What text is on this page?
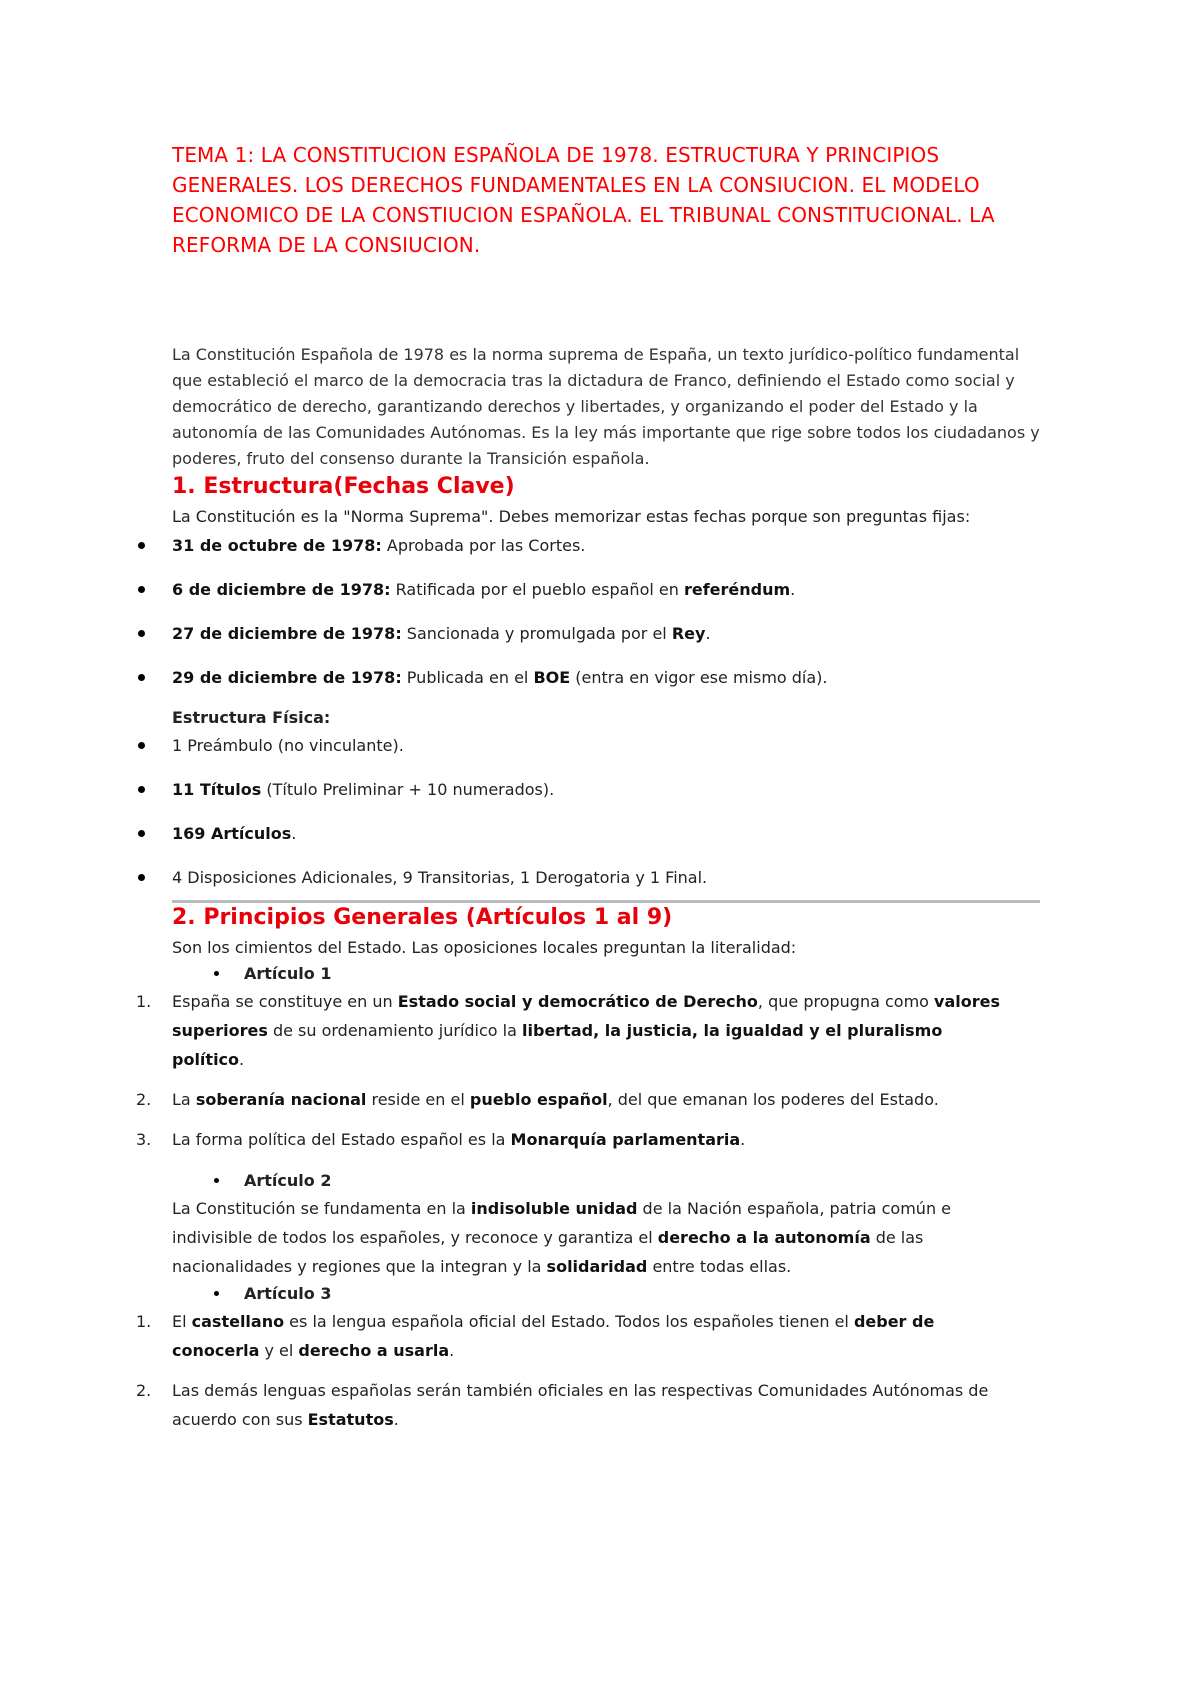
TEMA 1: LA CONSTITUCION ESPAÑOLA DE 1978. ESTRUCTURA Y PRINCIPIOS GENERALES. LOS DERECHOS FUNDAMENTALES EN LA CONSIUCION. EL MODELO ECONOMICO DE LA CONSTIUCION ESPAÑOLA. EL TRIBUNAL CONSTITUCIONAL. LA REFORMA DE LA CONSIUCION.

La Constitución Española de 1978 es la norma suprema de España, un texto jurídico-político fundamental que estableció el marco de la democracia tras la dictadura de Franco, definiendo el Estado como social y democrático de derecho, garantizando derechos y libertades, y organizando el poder del Estado y la autonomía de las Comunidades Autónomas. Es la ley más importante que rige sobre todos los ciudadanos y poderes, fruto del consenso durante la Transición española.

1. Estructura(Fechas Clave)

La Constitución es la "Norma Suprema". Debes memorizar estas fechas porque son preguntas fijas:

31 de octubre de 1978: Aprobada por las Cortes.
6 de diciembre de 1978: Ratificada por el pueblo español en referéndum.
27 de diciembre de 1978: Sancionada y promulgada por el Rey.
29 de diciembre de 1978: Publicada en el BOE (entra en vigor ese mismo día).

Estructura Física:

1 Preámbulo (no vinculante).
11 Títulos (Título Preliminar + 10 numerados).
169 Artículos.
4 Disposiciones Adicionales, 9 Transitorias, 1 Derogatoria y 1 Final.
2. Principios Generales (Artículos 1 al 9)

Son los cimientos del Estado. Las oposiciones locales preguntan la literalidad:

Artículo 1
1. España se constituye en un Estado social y democrático de Derecho, que propugna como valores superiores de su ordenamiento jurídico la libertad, la justicia, la igualdad y el pluralismo político.
2. La soberanía nacional reside en el pueblo español, del que emanan los poderes del Estado.
3. La forma política del Estado español es la Monarquía parlamentaria.
Artículo 2

La Constitución se fundamenta en la indisoluble unidad de la Nación española, patria común e indivisible de todos los españoles, y reconoce y garantiza el derecho a la autonomía de las nacionalidades y regiones que la integran y la solidaridad entre todas ellas.

Artículo 3
1. El castellano es la lengua española oficial del Estado. Todos los españoles tienen el deber de conocerla y el derecho a usarla.
2. Las demás lenguas españolas serán también oficiales en las respectivas Comunidades Autónomas de acuerdo con sus Estatutos.
